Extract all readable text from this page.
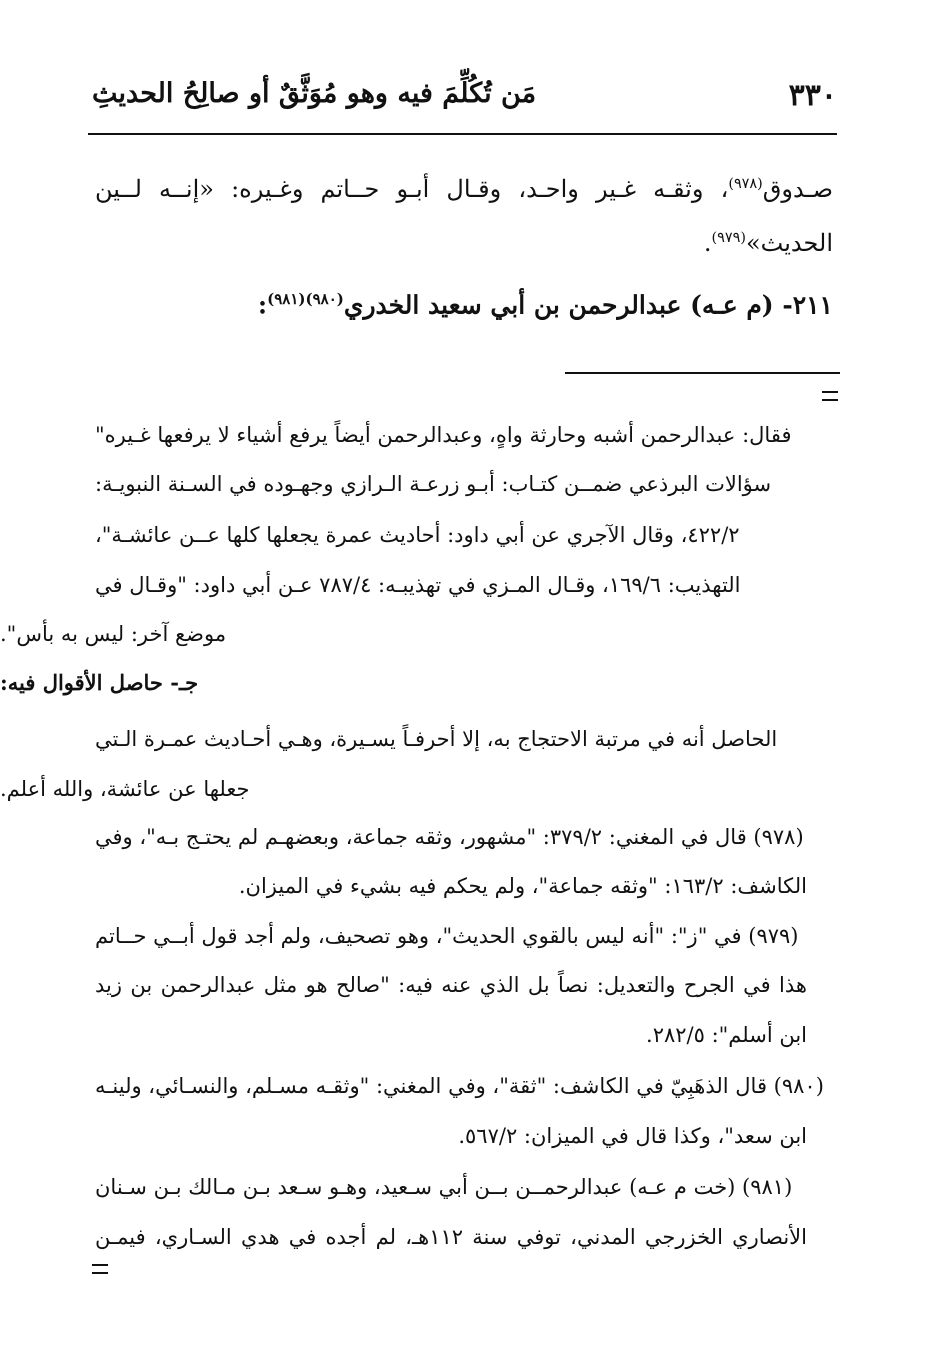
٣٣٠
مَن تُكُلِّمَ فيه وهو مُوَثَّقٌ أو صالِحُ الحديثِ
صـدوق$^{(٩٧٨)}$، وثقـه غـير واحـد، وقـال أبـو حــاتم وغـيره: «إنــه لــين
الحديث»$^{(٩٧٩)}$.
٢١١- (م عـه) عبدالرحمن بن أبي سعيد الخدري$^{(٩٨٠)(٩٨١)}$:
فقال: عبدالرحمن أشبه وحارثة واهٍ، وعبدالرحمن أيضاً يرفع أشياء لا يرفعها غـيره"
سؤالات البرذعي ضمــن كتـاب: أبـو زرعـة الـرازي وجهـوده في السـنة النبويـة:
٤٢٢/٢، وقال الآجري عن أبي داود: أحاديث عمرة يجعلها كلها عــن عائشـة"،
التهذيب: ١٦٩/٦، وقـال المـزي في تهذيبـه: ٧٨٧/٤ عـن أبي داود: "وقـال في
موضع آخر: ليس به بأس".
جـ- حاصل الأقوال فيه:
الحاصل أنه في مرتبة الاحتجاج به، إلا أحرفـاً يسـيرة، وهـي أحـاديث عمـرة الـتي
جعلها عن عائشة، والله أعلم.
(٩٧٨) قال في المغني: ٣٧٩/٢: "مشهور، وثقه جماعة، وبعضهـم لم يحتـج بـه"، وفي
الكاشف: ١٦٣/٢: "وثقه جماعة"، ولم يحكم فيه بشيء في الميزان.
(٩٧٩) في "ز": "أنه ليس بالقوي الحديث"، وهو تصحيف، ولم أجد قول أبــي حــاتم
هذا في الجرح والتعديل: نصاً بل الذي عنه فيه: "صالح هو مثل عبدالرحمن بن زيد
ابن أسلم": ٢٨٢/٥.
(٩٨٠) قال الذهَبِيّ في الكاشف: "ثقة"، وفي المغني: "وثقـه مسـلم، والنسـائي، ولينـه
ابن سعد"، وكذا قال في الميزان: ٥٦٧/٢.
(٩٨١) (خت م عـه) عبدالرحمــن بــن أبي سـعيد، وهـو سـعد بـن مـالك بـن سـنان
الأنصاري الخزرجي المدني، توفي سنة ١١٢هـ، لم أجده في هدي السـاري، فيمـن
